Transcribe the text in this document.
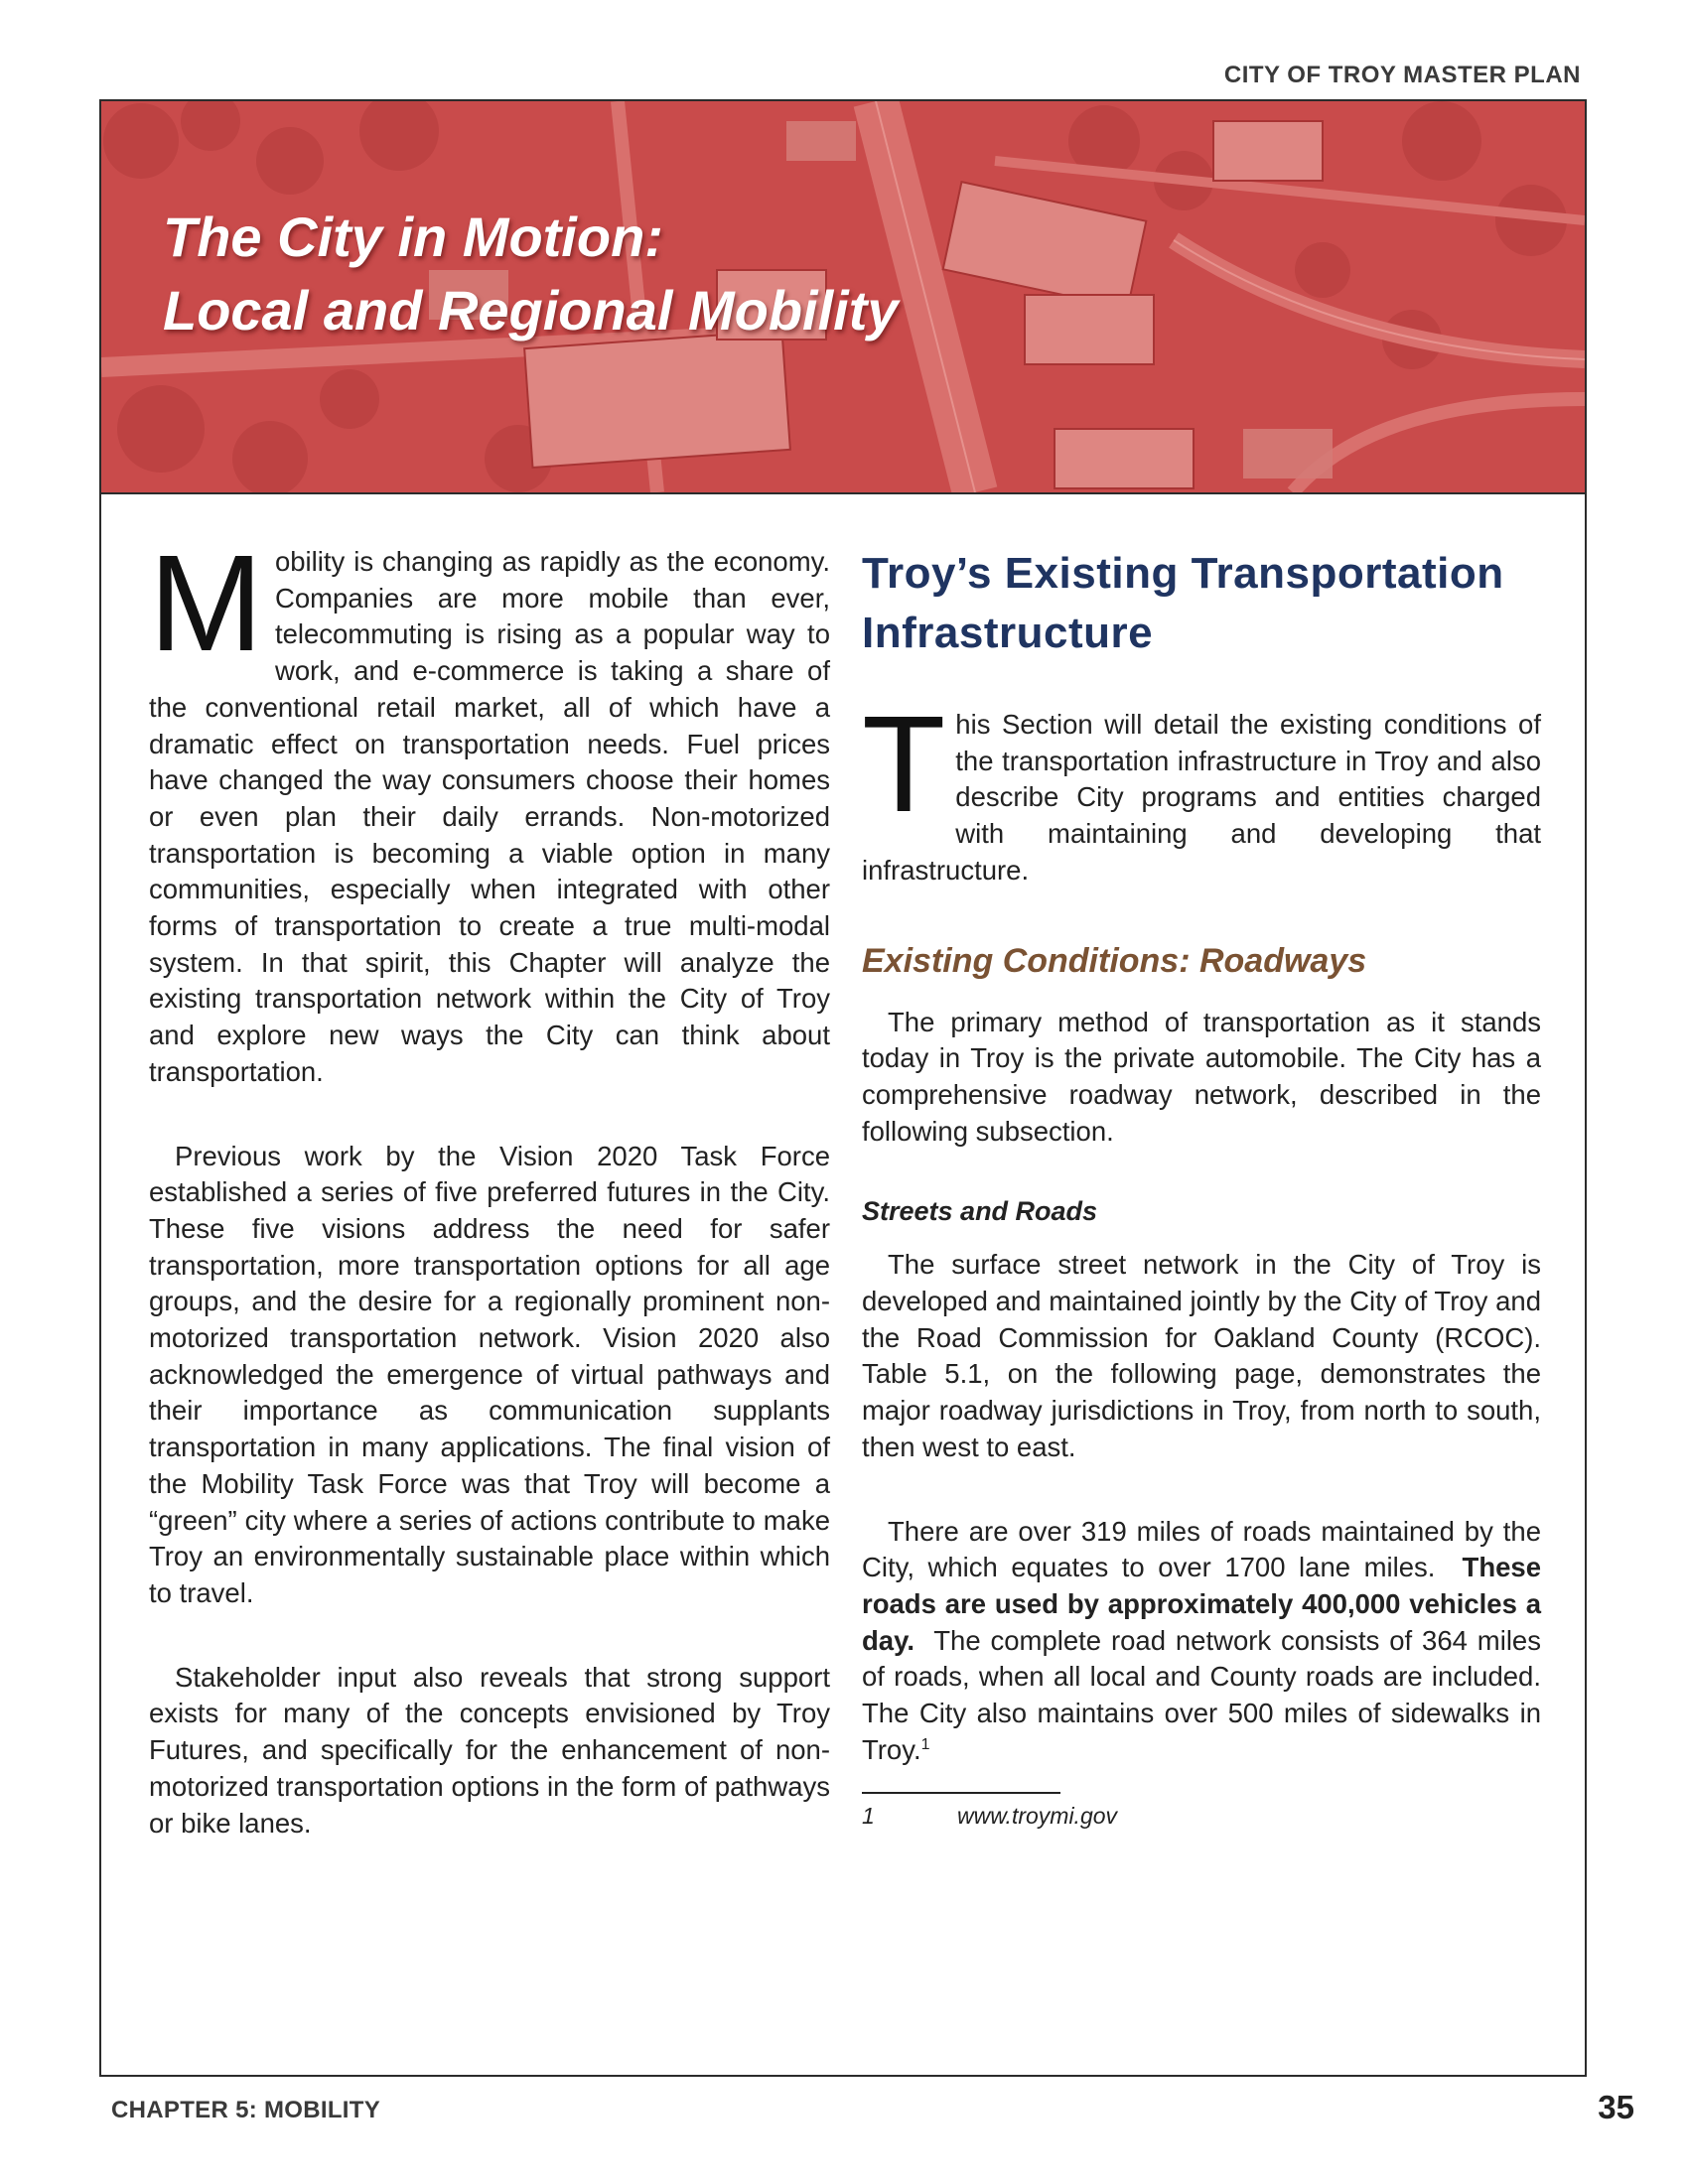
CITY OF TROY MASTER PLAN
The City in Motion:
Local and Regional Mobility

Mobility is changing as rapidly as the economy. Companies are more mobile than ever, telecommuting is rising as a popular way to work, and e-commerce is taking a share of the conventional retail market, all of which have a dramatic effect on transportation needs. Fuel prices have changed the way consumers choose their homes or even plan their daily errands. Non-motorized transportation is becoming a viable option in many communities, especially when integrated with other forms of transportation to create a true multi-modal system. In that spirit, this Chapter will analyze the existing transportation network within the City of Troy and explore new ways the City can think about transportation.

Previous work by the Vision 2020 Task Force established a series of five preferred futures in the City. These five visions address the need for safer transportation, more transportation options for all age groups, and the desire for a regionally prominent non-motorized transportation network. Vision 2020 also acknowledged the emergence of virtual pathways and their importance as communication supplants transportation in many applications. The final vision of the Mobility Task Force was that Troy will become a “green” city where a series of actions contribute to make Troy an environmentally sustainable place within which to travel.

Stakeholder input also reveals that strong support exists for many of the concepts envisioned by Troy Futures, and specifically for the enhancement of non-motorized transportation options in the form of pathways or bike lanes.

Troy’s Existing Transportation Infrastructure

This Section will detail the existing conditions of the transportation infrastructure in Troy and also describe City programs and entities charged with maintaining and developing that infrastructure.

Existing Conditions: Roadways

The primary method of transportation as it stands today in Troy is the private automobile. The City has a comprehensive roadway network, described in the following subsection.

Streets and Roads

The surface street network in the City of Troy is developed and maintained jointly by the City of Troy and the Road Commission for Oakland County (RCOC). Table 5.1, on the following page, demonstrates the major roadway jurisdictions in Troy, from north to south, then west to east.

There are over 319 miles of roads maintained by the City, which equates to over 1700 lane miles. These roads are used by approximately 400,000 vehicles a day. The complete road network consists of 364 miles of roads, when all local and County roads are included. The City also maintains over 500 miles of sidewalks in Troy.$^1$

1	www.troymi.gov
CHAPTER 5: MOBILITY	35
